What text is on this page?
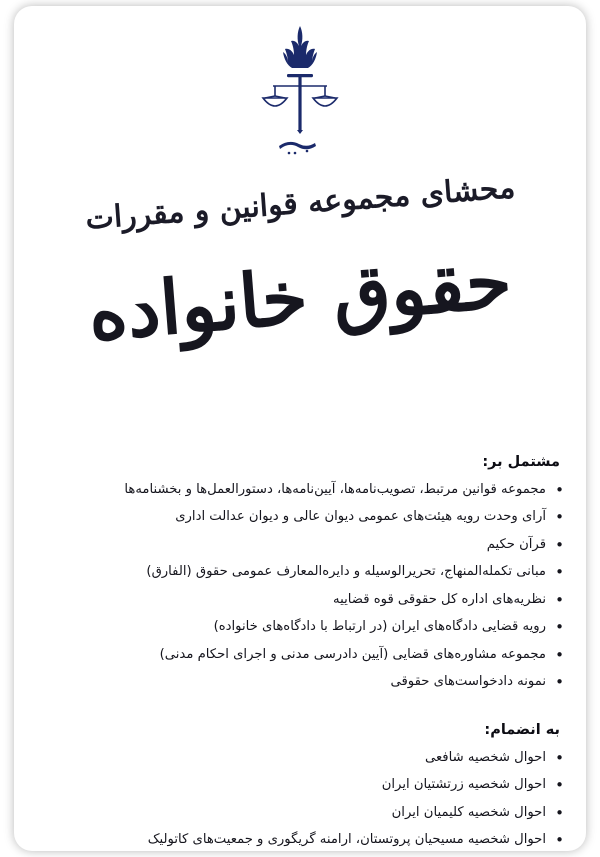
محشای مجموعه قوانین و مقررات حقوق خانواده
مشتمل بر:
• مجموعه قوانین مرتبط، تصویب‌نامه‌ها، آیین‌نامه‌ها، دستورالعمل‌ها و بخشنامه‌ها
• آرای وحدت رویه هیئت‌های عمومی دیوان عالی و دیوان عدالت اداری
• قرآن حکیم
• مبانی تکمله‌المنهاج، تحریرالوسیله و دایره‌المعارف عمومی حقوق (الفارق)
• نظریه‌های اداره کل حقوقی قوه قضاییه
• رویه قضایی دادگاه‌های ایران (در ارتباط با دادگاه‌های خانواده)
• مجموعه مشاوره‌های قضایی (آیین دادرسی مدنی و اجرای احکام مدنی)
• نمونه دادخواست‌های حقوقی
به انضمام:
• احوال شخصیه شافعی
• احوال شخصیه زرتشتیان ایران
• احوال شخصیه کلیمیان ایران
• احوال شخصیه مسیحیان پروتستان، ارامنه گریگوری و جمعیت‌های کاتولیک
